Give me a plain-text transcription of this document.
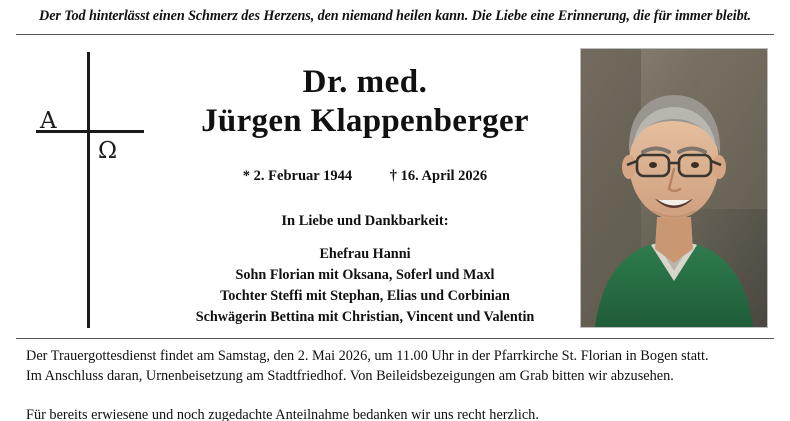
Der Tod hinterlässt einen Schmerz des Herzens, den niemand heilen kann. Die Liebe eine Erinnerung, die für immer bleibt.
A
Ω
Dr. med.
Jürgen Klappenberger
* 2. Februar 1944	† 16. April 2026
In Liebe und Dankbarkeit:
Ehefrau Hanni
Sohn Florian mit Oksana, Soferl und Maxl
Tochter Steffi mit Stephan, Elias und Corbinian
Schwägerin Bettina mit Christian, Vincent und Valentin

Der Trauergottesdienst findet am Samstag, den 2. Mai 2026, um 11.00 Uhr in der Pfarrkirche St. Florian in Bogen statt.

Im Anschluss daran, Urnenbeisetzung am Stadtfriedhof. Von Beileidsbezeigungen am Grab bitten wir abzusehen.

Für bereits erwiesene und noch zugedachte Anteilnahme bedanken wir uns recht herzlich.
